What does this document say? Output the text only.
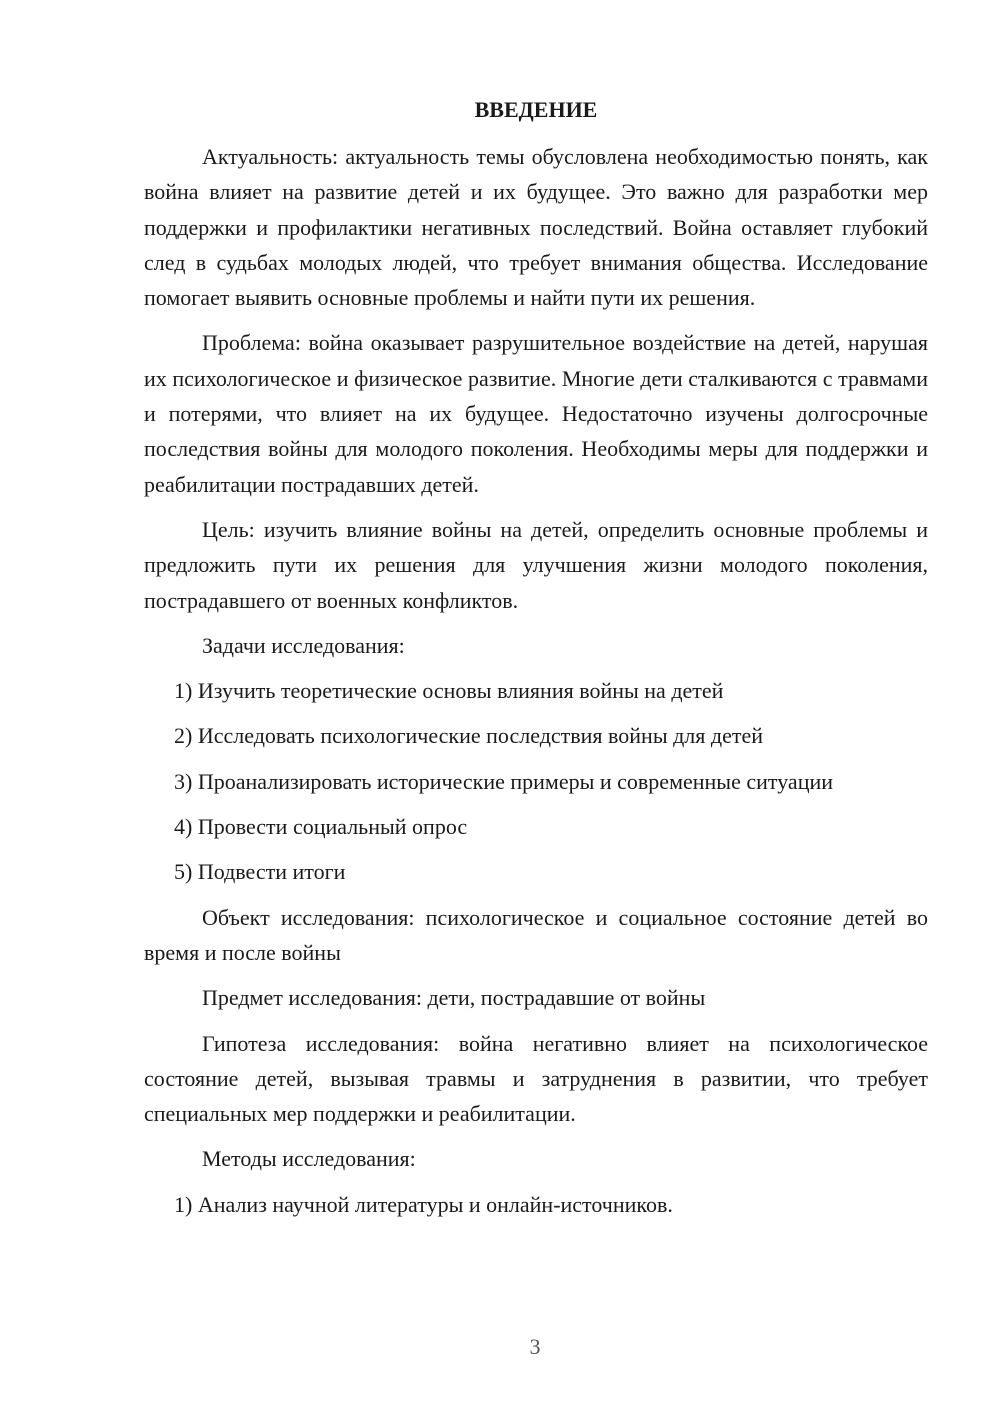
ВВЕДЕНИЕ

Актуальность: актуальность темы обусловлена необходимостью понять, как война влияет на развитие детей и их будущее. Это важно для разработки мер поддержки и профилактики негативных последствий. Война оставляет глубокий след в судьбах молодых людей, что требует внимания общества. Исследование помогает выявить основные проблемы и найти пути их решения.

Проблема: война оказывает разрушительное воздействие на детей, нарушая их психологическое и физическое развитие. Многие дети сталкиваются с травмами и потерями, что влияет на их будущее. Недостаточно изучены долгосрочные последствия войны для молодого поколения. Необходимы меры для поддержки и реабилитации пострадавших детей.

Цель: изучить влияние войны на детей, определить основные проблемы и предложить пути их решения для улучшения жизни молодого поколения, пострадавшего от военных конфликтов.

Задачи исследования:

1) Изучить теоретические основы влияния войны на детей
2) Исследовать психологические последствия войны для детей
3) Проанализировать исторические примеры и современные ситуации
4) Провести социальный опрос
5) Подвести итоги

Объект исследования: психологическое и социальное состояние детей во время и после войны

Предмет исследования: дети, пострадавшие от войны

Гипотеза исследования: война негативно влияет на психологическое состояние детей, вызывая травмы и затруднения в развитии, что требует специальных мер поддержки и реабилитации.

Методы исследования:

1) Анализ научной литературы и онлайн-источников.
3
